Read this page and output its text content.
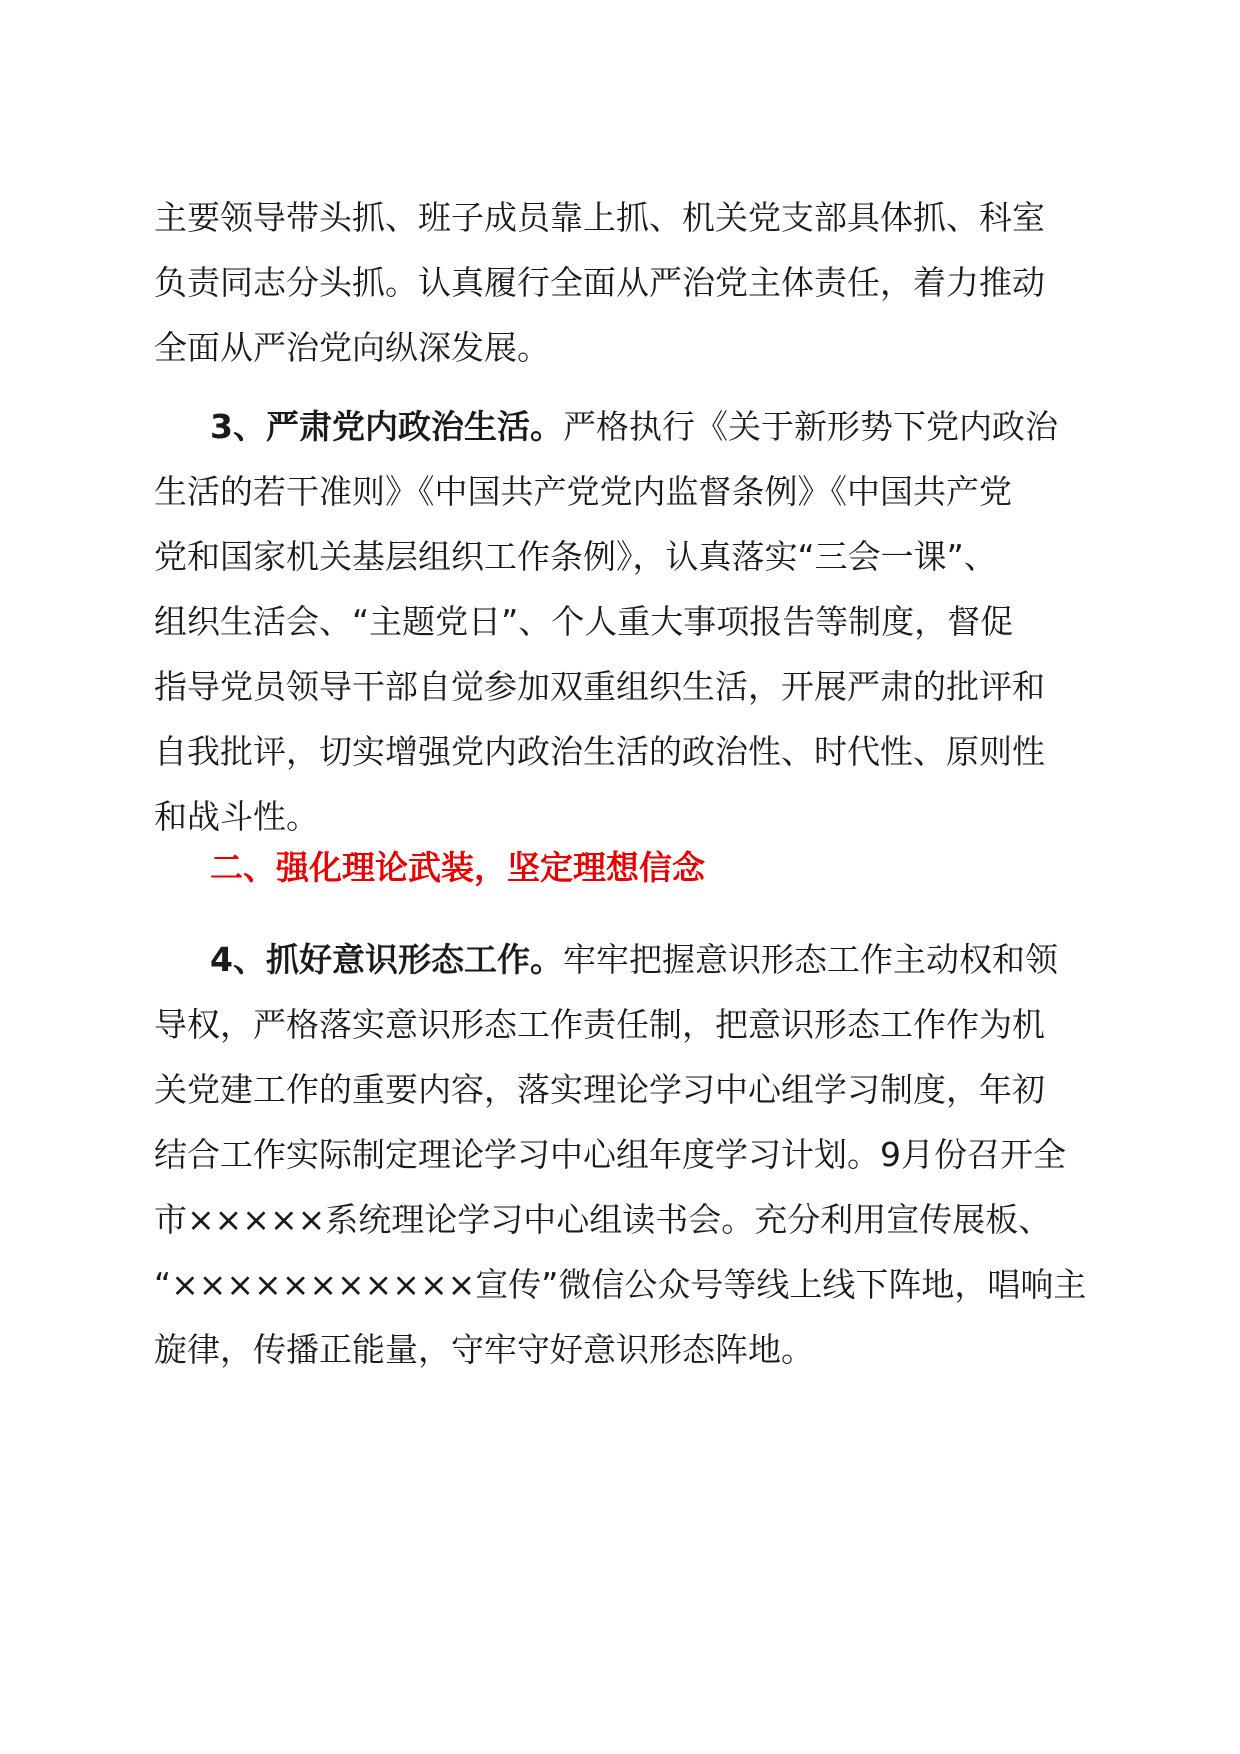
主要领导带头抓、班子成员靠上抓、机关党支部具体抓、科室
负责同志分头抓。认真履行全面从严治党主体责任，着力推动
全面从严治党向纵深发展。
3、严肃党内政治生活。严格执行《关于新形势下党内政治
生活的若干准则》《中国共产党党内监督条例》《中国共产党
党和国家机关基层组织工作条例》，认真落实“三会一课”、
组织生活会、“主题党日”、个人重大事项报告等制度，督促
指导党员领导干部自觉参加双重组织生活，开展严肃的批评和
自我批评，切实增强党内政治生活的政治性、时代性、原则性
和战斗性。
二、强化理论武装，坚定理想信念
4、抓好意识形态工作。牢牢把握意识形态工作主动权和领
导权，严格落实意识形态工作责任制，把意识形态工作作为机
关党建工作的重要内容，落实理论学习中心组学习制度，年初
结合工作实际制定理论学习中心组年度学习计划。9月份召开全
市×××××系统理论学习中心组读书会。充分利用宣传展板、
“×××××××××××宣传”微信公众号等线上线下阵地，唱响主
旋律，传播正能量，守牢守好意识形态阵地。
